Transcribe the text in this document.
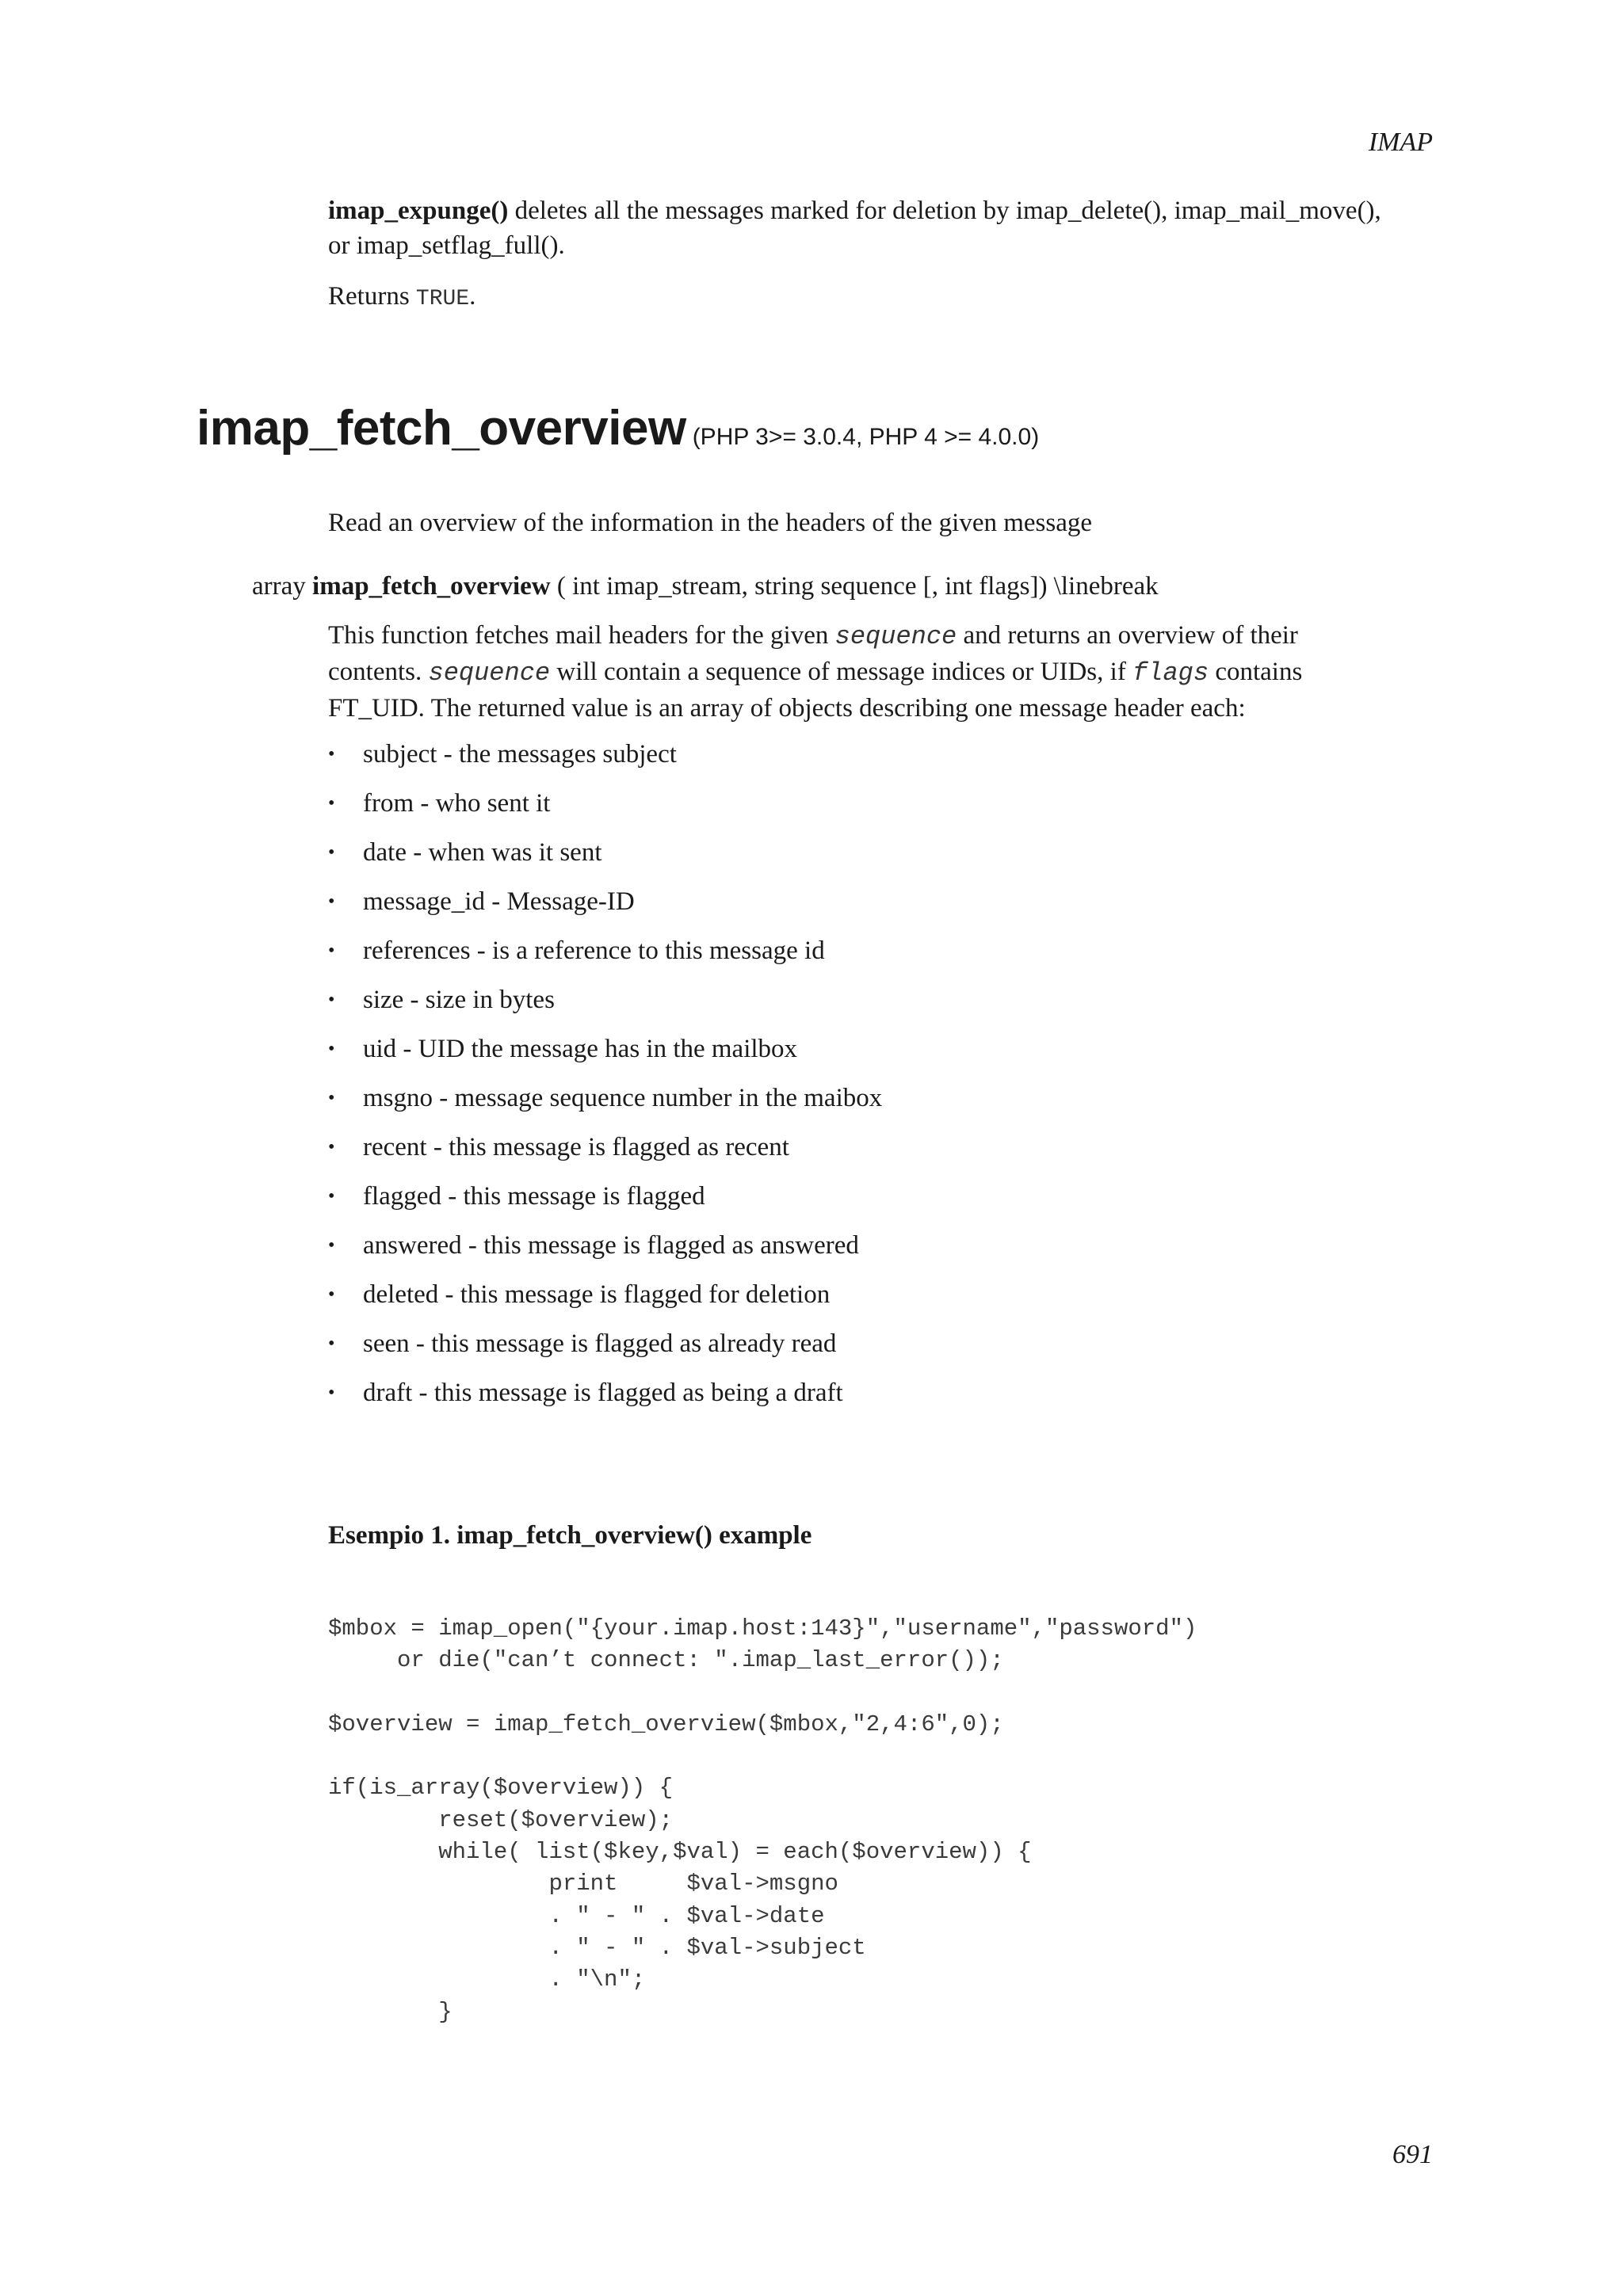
IMAP
imap_expunge() deletes all the messages marked for deletion by imap_delete(), imap_mail_move(),
or imap_setflag_full().
Returns TRUE.
imap_fetch_overview (PHP 3>= 3.0.4, PHP 4 >= 4.0.0)
Read an overview of the information in the headers of the given message
array imap_fetch_overview ( int imap_stream, string sequence [, int flags]) \linebreak
This function fetches mail headers for the given sequence and returns an overview of their
contents. sequence will contain a sequence of message indices or UIDs, if flags contains
FT_UID. The returned value is an array of objects describing one message header each:
• subject - the messages subject
• from - who sent it
• date - when was it sent
• message_id - Message-ID
• references - is a reference to this message id
• size - size in bytes
• uid - UID the message has in the mailbox
• msgno - message sequence number in the maibox
• recent - this message is flagged as recent
• flagged - this message is flagged
• answered - this message is flagged as answered
• deleted - this message is flagged for deletion
• seen - this message is flagged as already read
• draft - this message is flagged as being a draft
Esempio 1. imap_fetch_overview() example
$mbox = imap_open("{your.imap.host:143}","username","password")
or die("can’t connect: ".imap_last_error());
$overview = imap_fetch_overview($mbox,"2,4:6",0);
if(is_array($overview)) {
reset($overview);
while( list($key,$val) = each($overview)) {
print     $val->msgno
. " - " . $val->date
. " - " . $val->subject
. "\n";
}
691
